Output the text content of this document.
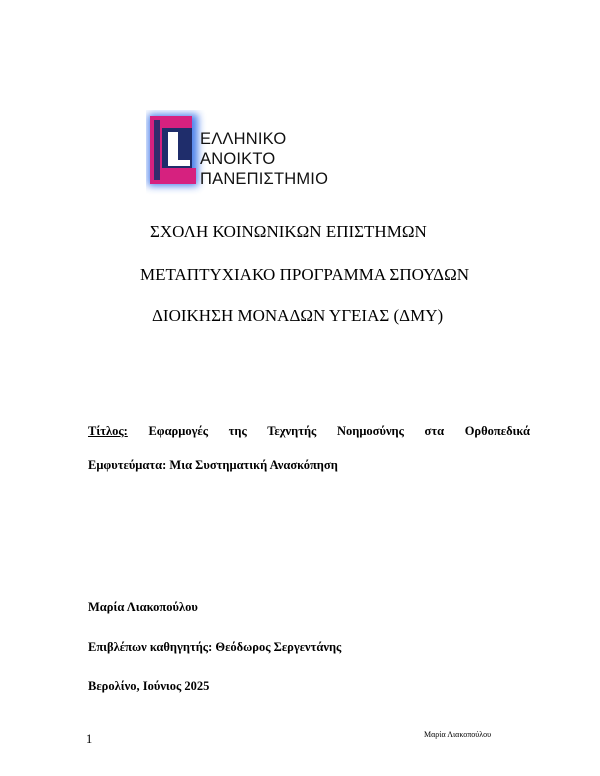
ΕΛΛΗΝΙΚΟ
ΑΝΟΙΚΤΟ
ΠΑΝΕΠΙΣΤΗΜΙΟ
ΣΧΟΛΗ ΚΟΙΝΩΝΙΚΩΝ ΕΠΙΣΤΗΜΩΝ
ΜΕΤΑΠΤΥΧΙΑΚΟ ΠΡΟΓΡΑΜΜΑ ΣΠΟΥΔΩΝ
ΔΙΟΙΚΗΣΗ ΜΟΝΑΔΩΝ ΥΓΕΙΑΣ (ΔΜΥ)
Τίτλος: Εφαρμογές της Τεχνητής Νοημοσύνης στα Ορθοπεδικά
Εμφυτεύματα: Μια Συστηματική Ανασκόπηση
Μαρία Λιακοπούλου
Επιβλέπων καθηγητής: Θεόδωρος Σεργεντάνης
Βερολίνο, Ιούνιος 2025
1	Μαρία Λιακοπούλου
